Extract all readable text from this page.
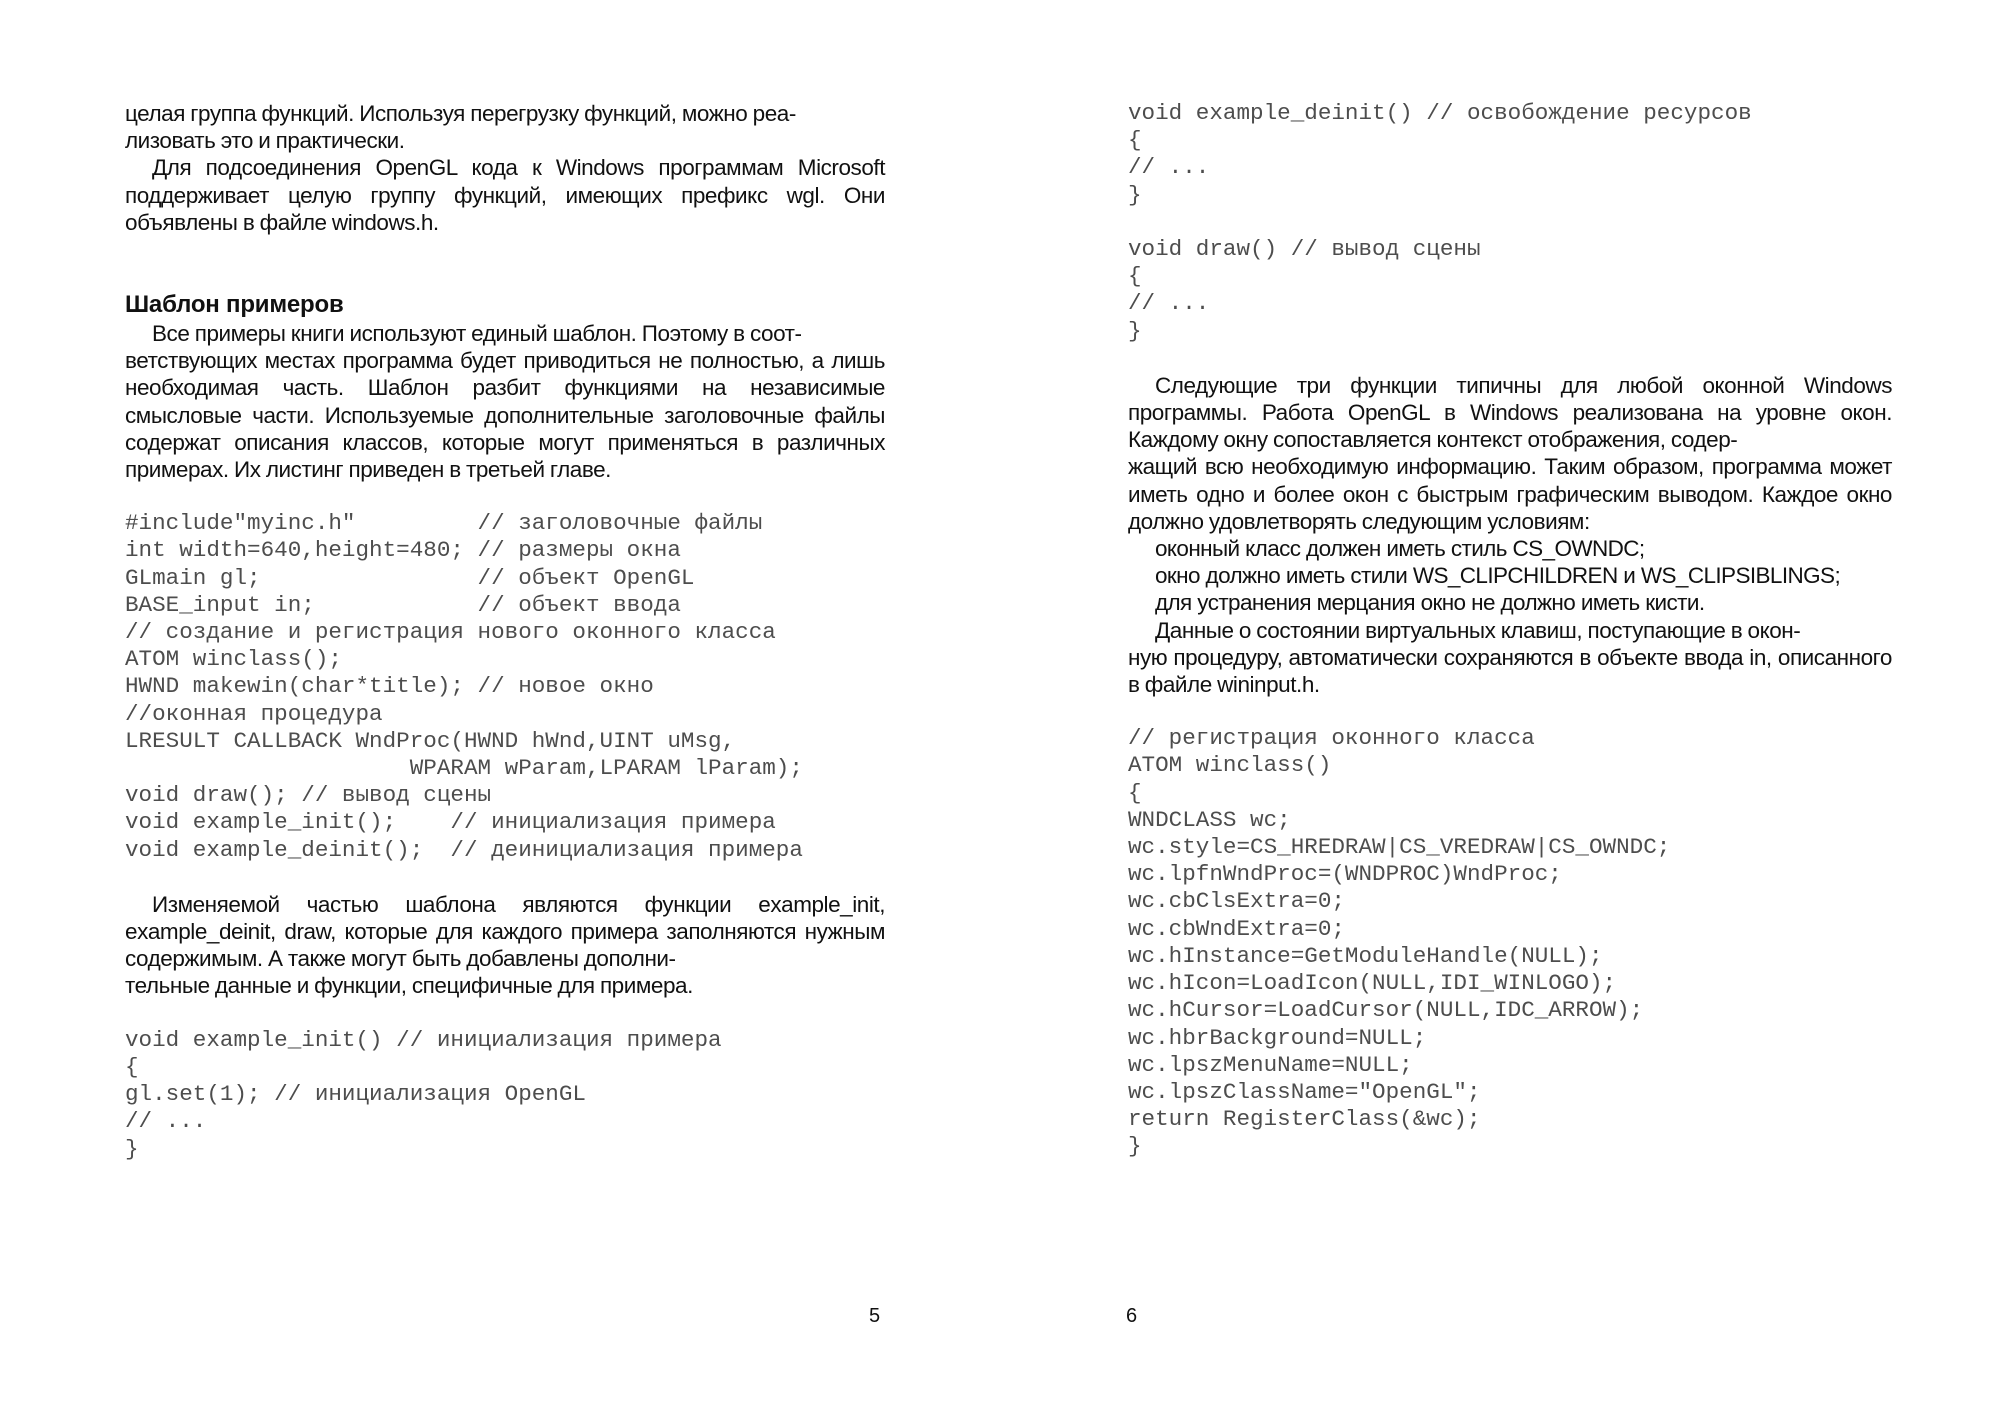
целая группа функций. Используя перегрузку функций, можно реа-
лизовать это и практически.

Для подсоединения OpenGL кода к Windows программам Microsoft поддерживает целую группу функций, имеющих префикс wgl. Они объявлены в файле windows.h.

Шаблон примеров

Все примеры книги используют единый шаблон. Поэтому в соот-
ветствующих местах программа будет приводиться не полностью, а лишь необходимая часть. Шаблон разбит функциями на независимые смысловые части. Используемые дополнительные заголовочные файлы содержат описания классов, которые могут применяться в различных примерах. Их листинг приведен в третьей главе.

#include"myinc.h"         // заголовочные файлы
int width=640,height=480; // размеры окна
GLmain gl;                // объект OpenGL
BASE_input in;            // объект ввода
// создание и регистрация нового оконного класса
ATOM winclass();
HWND makewin(char*title); // новое окно
//оконная процедура
LRESULT CALLBACK WndProc(HWND hWnd,UINT uMsg,
WPARAM wParam,LPARAM lParam);
void draw(); // вывод сцены
void example_init();    // инициализация примера
void example_deinit();  // деинициализация примера

Изменяемой частью шаблона являются функции example_init, example_deinit, draw, которые для каждого примера заполняются нужным содержимым. А также могут быть добавлены дополни-
тельные данные и функции, специфичные для примера.

void example_init() // инициализация примера
{
gl.set(1); // инициализация OpenGL
// ...
}
5
void example_deinit() // освобождение ресурсов
{
// ...
}

void draw() // вывод сцены
{
// ...
}

Следующие три функции типичны для любой оконной Windows программы. Работа OpenGL в Windows реализована на уровне окон. Каждому окну сопоставляется контекст отображения, содер-
жащий всю необходимую информацию. Таким образом, программа может иметь одно и более окон с быстрым графическим выводом. Каждое окно должно удовлетворять следующим условиям:

оконный класс должен иметь стиль CS_OWNDC;
окно должно иметь стили WS_CLIPCHILDREN и WS_CLIPSIBLINGS;
для устранения мерцания окно не должно иметь кисти.

Данные о состоянии виртуальных клавиш, поступающие в окон-
ную процедуру, автоматически сохраняются в объекте ввода in, описанного в файле wininput.h.

// регистрация оконного класса
ATOM winclass()
{
WNDCLASS wc;
wc.style=CS_HREDRAW|CS_VREDRAW|CS_OWNDC;
wc.lpfnWndProc=(WNDPROC)WndProc;
wc.cbClsExtra=0;
wc.cbWndExtra=0;
wc.hInstance=GetModuleHandle(NULL);
wc.hIcon=LoadIcon(NULL,IDI_WINLOGO);
wc.hCursor=LoadCursor(NULL,IDC_ARROW);
wc.hbrBackground=NULL;
wc.lpszMenuName=NULL;
wc.lpszClassName="OpenGL";
return RegisterClass(&wc);
}
6
